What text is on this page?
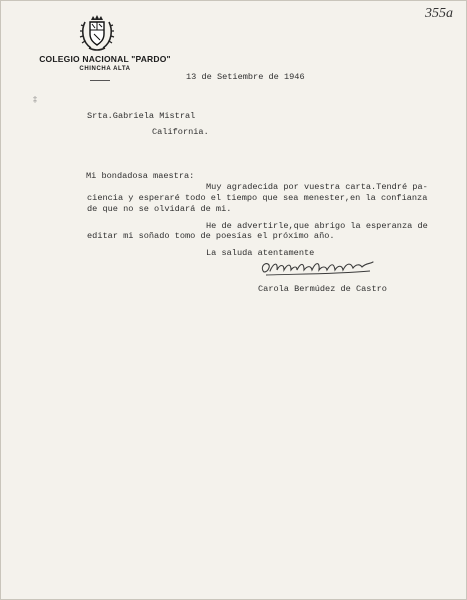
355a
COLEGIO NACIONAL "PARDO"
CHINCHA ALTA
‡
13 de Setiembre de 1946
Srta.Gabriela Mistral
California.
Mi bondadosa maestra:
Muy agradecida por vuestra carta.Tendré pa-
ciencia y esperaré todo el tiempo que sea menester,en la confianza
de que no se olvidará de mi.
He de advertirle,que abrigo la esperanza de
editar mi soñado tomo de poesías el próximo año.
La saluda atentamente
Carola Bermúdez de Castro
